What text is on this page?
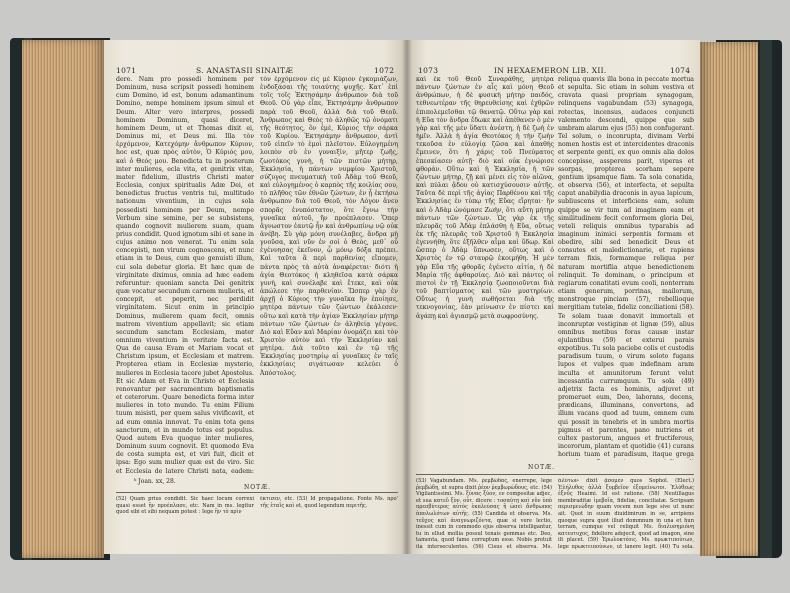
1071	S. ANASTASII SINAITÆ	1072

dere. Nam pro possedi hominem per Dominum, nusa scripsit possedi hominem cum Domino, id est, bonum adamantinum Domino, nempe hominem ipsum simul et Deum. Alter vero interpres, possedi hominem Dominum, quasi diceret, hominem Deum, ut et Thomas dixit ei, Dominus mi, et Deus mi. Illa τὸν ἐρχόμενον, Κατεχόμην ἄνθρωπον Κύριον, hoc est, quæ πρὸς αὐτὸν, Ὁ Κύριός μου, καὶ ὁ Θεός μου. Benedicta tu in posterum inter mulieres, ecla vita, et genitrix vitæ, mater fidelium, illustris Christi mater Ecclesia, conjux spiritualis Adæ Dei, et benedictus fructus ventris tui, multitudo nationum viventium, in cujus sola possedisti hominem per Deum, nempe Verbum sine semine, per se subsistens, quando cognovit mulierem suam, quam prius condidit. Quod ignotum sibi et sane in cujus animo non venerat. Tu enim sola concepisti, non virum cognoscens, et nunc etiam in te Deus, cum quo genuisti illum, cui sola debetur gloria. Et hæc quæ de virginitate diximus, omnia ad hæc eadem referuntur: quoniam sancta Dei genitrix quæ vocatur secundum carnem mulieris, et concepit, et peperit, nec perdidit virginitatem. Sicut enim in principio Dominus, mulierem quam fecit, omnis matrem viventium appellavit; sic etiam secundum sanctam Ecclesiam, mater omnium viventium in veritate facta est. Qua de causa Evam et Mariam vocat et Christum ipsum, et Ecclesiam et matrem. Propterea etiam in Ecclesiæ mysterio, mulieres in Ecclesia tacere jubet Apostolus. Et sic Adam et Eva in Christo et Ecclesia renovantur per sacramentum baptismatis et ceterorum. Quare benedicta forma inter mulieres in toto mundo. Tu enim Filium tuum misisti, per quem salus vivificavit, et ad eum omnia innovat. Tu enim tota gens sanctorum, et in mundo totus est populus. Quod autem Eva quoque inter mulieres, Dominum suum cognovit. Et quomodo Eva de costa sumpta est, et viri fuit, dicit et ipsa: Ego sum mulier quæ est de viro. Sic et Ecclesia de latere Christi nata, eadem:

τὸν ἐρχόμενον εἰς μὲ Κύριον ἐγκομιάζων, ἐνδοξάσαι τῆς τοιαύτης ψυχῆς. Κατ᾽ ἐπὶ τοῖς τοῖς Ἐκτησάμην ἄνθρωπον διὰ τοῦ Θεοῦ. Οὐ γὰρ εἶπε, Ἐκτησάμην ἄνθρωπον παρὰ τοῦ Θεοῦ, ἀλλὰ διὰ τοῦ Θεοῦ. Ἄνθρωπος καὶ Θεὸς τὸ ἀληθῶς τῷ ὀνόματι τῆς θεότητος, ὃν ἐμὲ, Κύριος τὴν σάρκα τοῦ Κυρίου. Ἐκτησάμην ἄνθρωπον, ἀντὶ τοῦ εἰπεῖν τὸ ἐμοὶ πλεῖστον. Εὐλογημένη λοιπὸν σὺ ἐν γυναιξὶν, μῆτερ ζωῆς, ζωοτόκος γυνὴ, ἡ τῶν πιστῶν μήτηρ, Ἐκκλησία, ἡ πάντων νυμφίου Χριστοῦ, σύζυγος πνευματικὴ τοῦ Ἀδὰμ τοῦ Θεοῦ, καὶ εὐλογημένος ὁ καρπὸς τῆς κοιλίας σου, τὸ πλῆθος τῶν ἐθνῶν ζώντων, ἐν ᾗ ἐκτήσω ἄνθρωπον διὰ τοῦ Θεοῦ, τὸν Λόγον ἄνευ σπορᾶς ἐνυπόστατον, ὅτε ἔγνω τὴν γυναῖκα αὐτοῦ, ἣν προέπλασεν. Ὅπερ ἄγνωστον ἑαυτῷ ἦν καὶ ἀνθρωπίνῳ νῷ οὐκ ἀνέβη. Σὺ γὰρ μόνη συνέλαβες, ἄνδρα μὴ γνοῦσα, καὶ νῦν ἐν σοὶ ὁ Θεὸς, μεθ᾽ οὗ ἐγέννησας ἐκεῖνον, ᾧ μόνῳ δόξα πρέπει. Καὶ ταῦτα ἃ περὶ παρθενίας εἴπομεν, πάντα πρὸς τὰ αὐτὰ ἀναφέρεται· διότι ἡ ἁγία Θεοτόκος ἡ κληθεῖσα κατὰ σάρκα γυνὴ, καὶ συνέλαβε καὶ ἔτεκε, καὶ οὐκ ἀπώλεσε τὴν παρθενίαν. Ὥσπερ γὰρ ἐν ἀρχῇ ὁ Κύριος τὴν γυναῖκα ἣν ἐποίησε, μητέρα πάντων τῶν ζώντων ἐκάλεσεν· οὕτω καὶ κατὰ τὴν ἁγίαν Ἐκκλησίαν μήτηρ πάντων τῶν ζώντων ἐν ἀληθείᾳ γέγονε. Διὸ καὶ Εὔαν καὶ Μαρίαν ὀνομάζει καὶ τὸν Χριστὸν αὐτὸν καὶ τὴν Ἐκκλησίαν καὶ μητέρα. Διὰ τοῦτο καὶ ἐν τῷ τῆς Ἐκκλησίας μυστηρίῳ αἱ γυναῖκες ἐν ταῖς ἐκκλησίαις σιγάτωσαν κελεύει ὁ Ἀπόστολος.

ᵇ Joan. xx, 28.
NOTÆ.

(52) Quam prius condidit. Sic haec locum correxi quasi esset ἣν προέπλασε, etc. Nam in ms. legitur quod sibi et sibi nequam potest : Iege ἣν τὸ πρὶν

ἔκτισεν, etc. (53) Id propagatione. Fonte Ms. προ' τῆς ἑταῖς καὶ et, quod legendum περιτῆς.

1073	IN HEXAEMERON LIB. XII.	1074

καὶ ἐκ τοῦ Θεοῦ Συναράθης, μητέρα πάντων ζώντων ἐν αἷς καὶ μόνη Θεοῦ ἀνθρώπων, ἡ δὲ φυσικὴ μήτηρ παιδός, τεθνεωτέραν τῆς θηρευθείσης καὶ ἐχθρῶν ἐπιπολεμεῖσθαι τῷ θανατῷ. Οὕτω γὰρ καὶ ἡ Εὔα τὸν ἄνδρα ἔδωκε καὶ ἀπέθανεν ὁ μὲν γὰρ καὶ τῆς μὲν ὕδατι ἀνέστη, ἡ δὲ ζωὴ ἐν ἡμῖν. Ἀλλὰ ἡ ἁγία Θεοτόκος ἡ τὴν ζωὴν τεκοῦσα ἐν εὐλογίᾳ ζῶσα καὶ ἀπαθὴς ἔμεινεν, ὅτι ἡ χάρις τοῦ Πνεύματος ἐπεσκίασεν αὐτῇ· διὸ καὶ οὐκ ἐγνώρισε φθοράν. Οὕτω καὶ ἡ Ἐκκλησία, ἡ τῶν ζώντων μήτηρ, ζῇ καὶ μένει εἰς τὸν αἰῶνα, καὶ πύλαι ᾅδου οὐ κατισχύσουσιν αὐτῆς. Ταῦτα δὲ περὶ τῆς ἁγίας Παρθένου καὶ τῆς Ἐκκλησίας ἐν τύπῳ τῆς Εὔας εἴρηται· ἣν καὶ ὁ Ἀδὰμ ὠνόμασε Ζωὴν, ὅτι αὕτη μήτηρ πάντων τῶν ζώντων. Ὡς γὰρ ἐκ τῆς πλευρᾶς τοῦ Ἀδὰμ ἐπλάσθη ἡ Εὔα, οὕτως ἐκ τῆς πλευρᾶς τοῦ Χριστοῦ ἡ Ἐκκλησία ἐγεννήθη, ὅτε ἐξῆλθεν αἷμα καὶ ὕδωρ. Καὶ ὥσπερ ὁ Ἀδὰμ ὕπνωσεν, οὕτως καὶ ὁ Χριστὸς ἐν τῷ σταυρῷ ἐκοιμήθη. Ἡ μὲν γὰρ Εὔα τῆς φθορᾶς ἐγένετο αἰτία, ἡ δὲ Μαρία τῆς ἀφθαρσίας. Διὸ καὶ πάντες οἱ πιστοὶ ἐν τῇ Ἐκκλησίᾳ ζωοποιοῦνται διὰ τοῦ βαπτίσματος καὶ τῶν μυστηρίων. Οὕτως ἡ γυνὴ σωθήσεται διὰ τῆς τεκνογονίας, ἐὰν μείνωσιν ἐν πίστει καὶ ἀγάπῃ καὶ ἁγιασμῷ μετὰ σωφροσύνης.

reliqua quævis illa bona in peccate mortua et sepulta. Sic etiam in solum vestiva et cravata quasi propriam synagogam, relinquens vagabundam (53) synagoga, rotectas, incensus, audaces conjuncti valemento descendi, quippe que sub umbram alarum ejus (55) non confugerant. Tel solum, o inconrupta, divinam Verbi nomen hostis est et intercidentes draconis et serpente genti, ex quo omnis alia dolos concepisse, assperens parit, viperas et ssorpas, propterea scorham sepere gentium ipsamque fiam. Ta sola conatida, et observa (56), et interfecta, et sepulta caput anabilydia draconis in ayua lapicum, subliuscens et interficiens eam, solum quippe se vir tum ad imaginem eam et similitudinem fecit conformem gloria Dei, veteli reliquis omnibus typarabis ad imaginum inimici serpentis formam et obedire, sibi sed benedicit Deus et consutes et maledictionarie, et rapiens terram fixis, formamque reliqua per naturam mortiflia atque benedictionem relinquit. Te dominam, o principum et regiarum conatitati evum cooli, nonterram etiam generum, porrinas, mailorum, monstroque pinciam (57), rebellioque mergitiam tutelæ, fideliz conciliationi (58). Te solam tuaæ donavit immortali et inconruptæ vestiginæ et lignæ (59), alius omnibus metibus foras causæ instar ejulantibus (59) et exterui parais expotibus. Tu sola paciebe colis et custodis paradisum tuum, o virum soloto fugans lupos et vulpes quæ indefinam aram inculta et amunitorum ferunt velut incessantia currumquun. Tu sola (49) adjetrix facta es hominis, adjuvet ut promeruet eum, Deo, laborans, decens, prædicans, illuminans, convertens, ad illum vacans quod ad tuum, omnem cum qui possit in tenebris et in umbra mortis pigmus et parentes, pano nutriens et cultex pastorum, angues et fructiferous, incerorum, plantam et quotidie (41) curans horium tuam et paradisum, itaque grega

NOTÆ.

(53) Vagabundam. Ms. ῥεμβώδας, enerrepe, lege ῥεμβώδη, ut supra dixit ῥέον ῥεμβωρώδους, etc. (54) Vigilantissimi. Ms. ξύνας ξύον, εν compositæ adjec, et sua κατεῦ ξὺν, οὗτ. dicere : τοσαύτῃ καὶ νῦν ὑπὸ πρεσβύτερος αὐτὸς ἐκπλεύσας ἢ ὡσεὶ ἄνθρωπος ἀπολωλότων αὐτῆς. (55) Candida et observa. Ms. τεῦχος καὶ ἀναγνωριζόντα, quæ si vere lectio, inessit cum in commodo ejus observa intelligantur, tu in ellud mollia possul tenais gemmas etc. Deo, tamenta, quod fame corruptum esse. Nobis pretuit ita interseculentes. (56) Cisus et ebserva. Ms.

ἀλύτων· dixit ᾄσομεν quos Sophol. (Elect.) Ἐλήλυθος ἀλλὰ ξυμβεῖον ἐξομείνωτοι. Ἐλύθεως ἐξνῦς Heaimi. Id est ratione. (58) Neutillagus membraditæ ἱμεβοῖα, fideliæ, conciliatæ. Scripsam περισμειώδην quam vocem nun lege sive ut nunc ait. Quot in suum diuidimirum in se, arripiens quoque supra quot illud dommnum in una et hun terram, cumque vel reliquit Ms. διαλυσημιόνη κατευτυχος, fideliore adejecit, quod ad imagon, sine ilt placet. (59) Ἐρωλοκτέοις. Ms. πρωκτιπούτων, lege πρωκτειπούνων, ut lanere legit. (40) Tu sola.
